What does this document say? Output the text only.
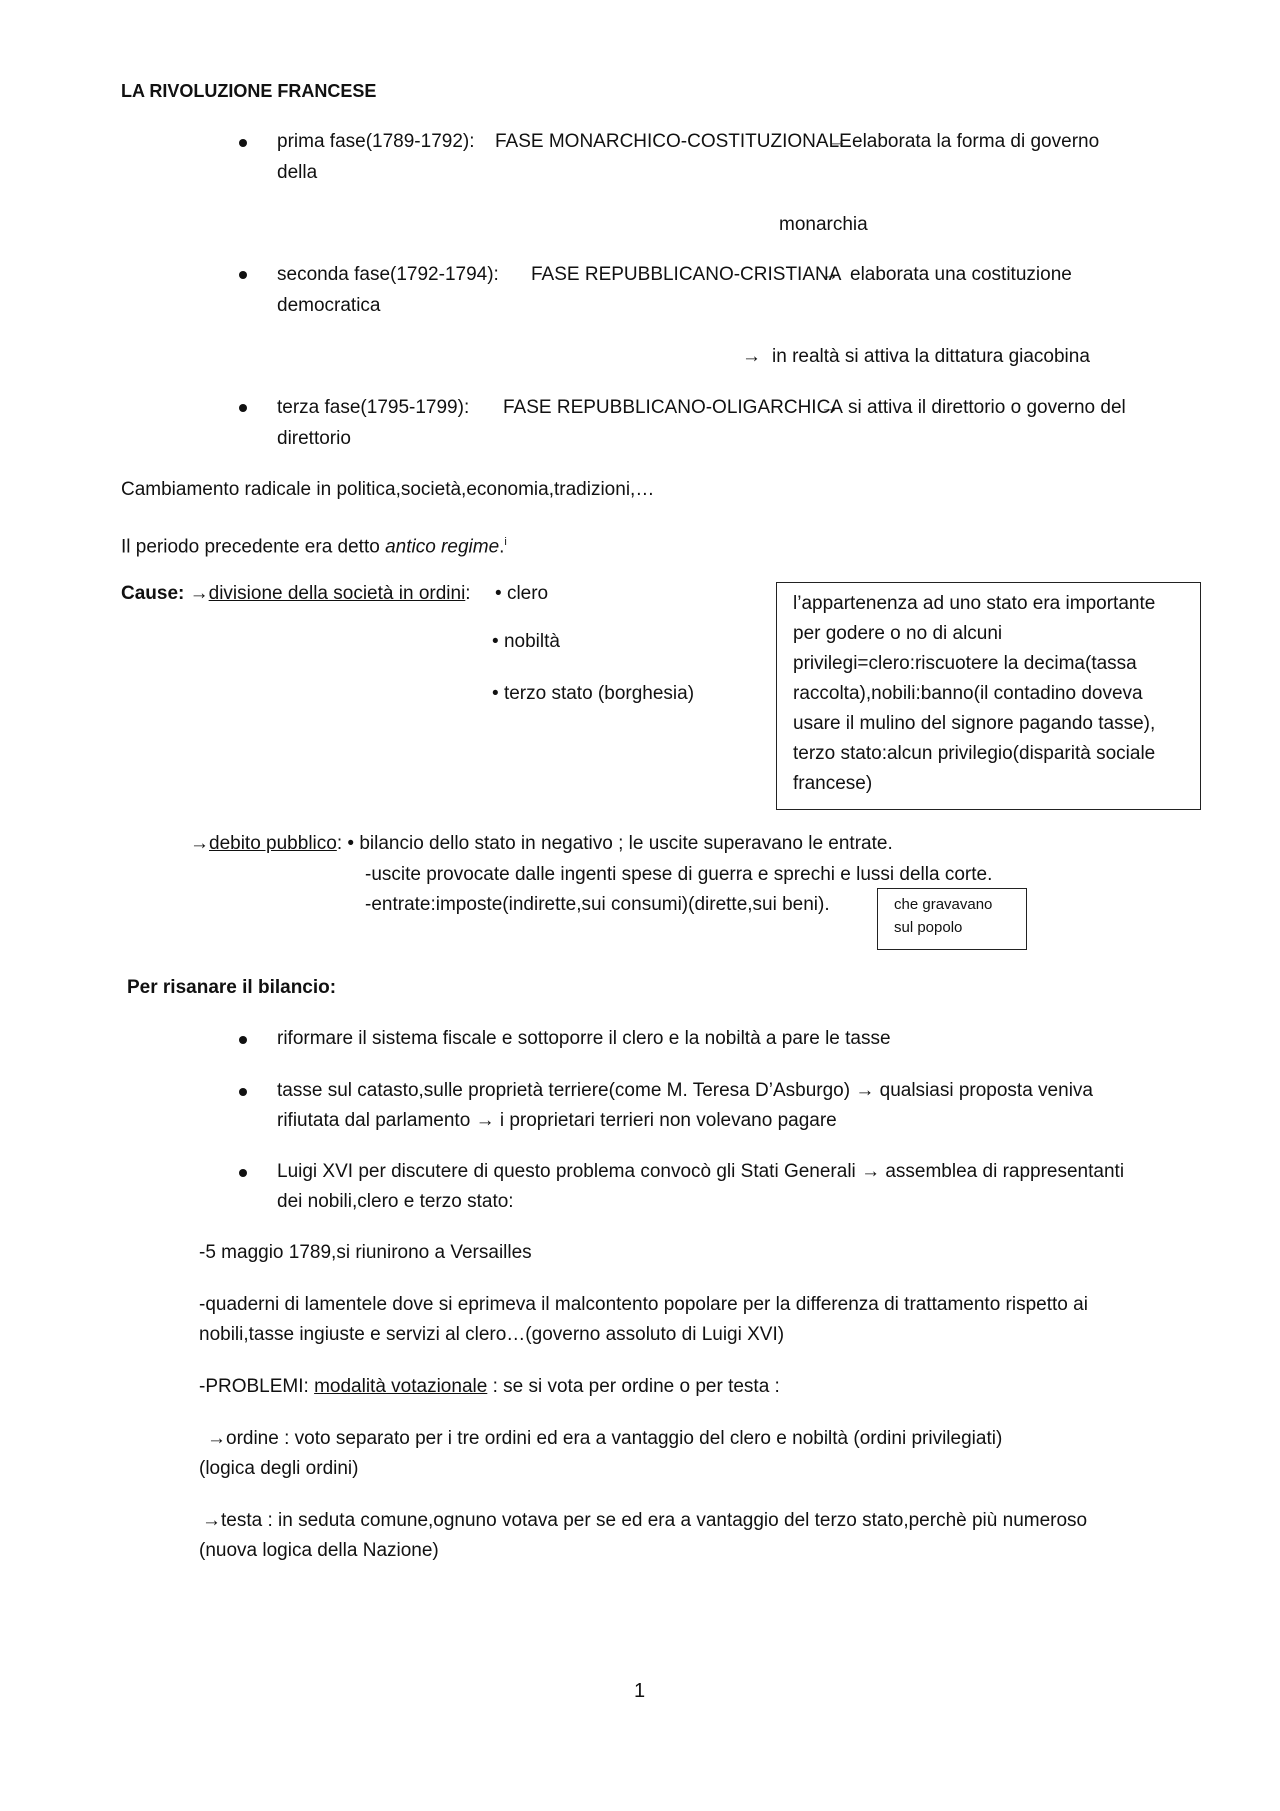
LA RIVOLUZIONE FRANCESE
prima fase(1789-1792): FASE MONARCHICO-COSTITUZIONALE → elaborata la forma di governo
della
monarchia
seconda fase(1792-1794): FASE REPUBBLICANO-CRISTIANA → elaborata una costituzione
democratica
→
in realtà si attiva la dittatura giacobina
terza fase(1795-1799): FASE REPUBBLICANO-OLIGARCHICA → si attiva il direttorio o governo del
direttorio
Cambiamento radicale in politica,società,economia,tradizioni,…
Il periodo precedente era detto antico regime.$^i$
Cause: → divisione della società in ordini: • clero
• nobiltà
• terzo stato (borghesia)
l’appartenenza ad uno stato era importante
per godere o no di alcuni
privilegi=clero:riscuotere la decima(tassa
raccolta),nobili:banno(il contadino doveva
usare il mulino del signore pagando tasse),
terzo stato:alcun privilegio(disparità sociale
francese)
→ debito pubblico: • bilancio dello stato in negativo ; le uscite superavano le entrate.
-uscite provocate dalle ingenti spese di guerra e sprechi e lussi della corte.
-entrate:imposte(indirette,sui consumi)(dirette,sui beni).	che gravavano
sul popolo
Per risanare il bilancio:
riformare il sistema fiscale e sottoporre il clero e la nobiltà a pare le tasse
tasse sul catasto,sulle proprietà terriere(come M. Teresa D’Asburgo) → qualsiasi proposta veniva
rifiutata dal parlamento → i proprietari terrieri non volevano pagare
Luigi XVI per discutere di questo problema convocò gli Stati Generali → assemblea di rappresentanti
dei nobili,clero e terzo stato:
-5 maggio 1789,si riunirono a Versailles
-quaderni di lamentele dove si eprimeva il malcontento popolare per la differenza di trattamento rispetto ai
nobili,tasse ingiuste e servizi al clero…(governo assoluto di Luigi XVI)
-PROBLEMI: modalità votazionale : se si vota per ordine o per testa :
→ ordine : voto separato per i tre ordini ed era a vantaggio del clero e nobiltà (ordini privilegiati)
(logica degli ordini)
→ testa : in seduta comune,ognuno votava per se ed era a vantaggio del terzo stato,perchè più numeroso
(nuova logica della Nazione)
1
